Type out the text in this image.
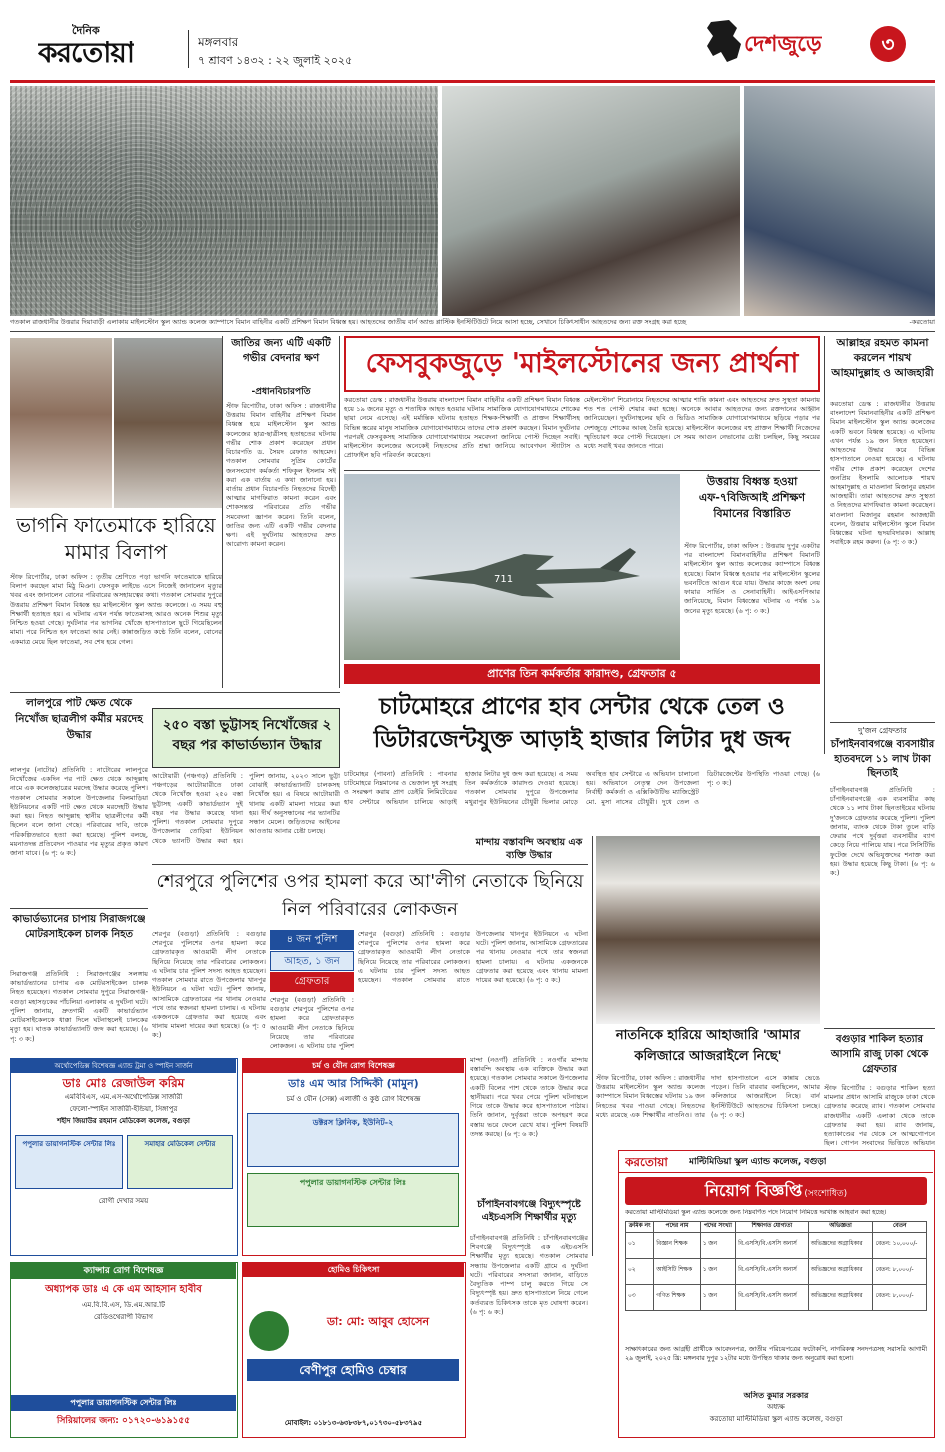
দৈনিক
করতোয়া	মঙ্গলবার
৭ শ্রাবণ ১৪৩২ : ২২ জুলাই ২০২৫
দেশজুড়ে	৩
গতকাল রাজধানীর উত্তরার দিয়াবাড়ী এলাকায় মাইলস্টোন স্কুল অ্যান্ড কলেজ ক্যাম্পাসে বিমান বাহিনীর একটি প্রশিক্ষণ বিমান বিধ্বস্ত হয়। আহতদের জাতীয় বার্ন অ্যান্ড প্লাস্টিক ইনস্টিটিউটে নিয়ে আসা হচ্ছে, সেখানে চিকিৎসাধীন আহতদের জন্য রক্ত সংগ্রহ করা হচ্ছে	-করতোয়া
ভাগনি ফাতেমাকে হারিয়ে মামার বিলাপ
স্টাফ রিপোর্টার, ঢাকা অফিস : তৃতীয় শ্রেণিতে পড়া ভাগনি ফাতেমাকে হারিয়ে বিলাপ করছেন মামা মিঠু মিঞা। ফেসবুক লাইভে এসে নিজেই জানালেন মৃত্যুর খবর এবং জানালেন বোনের পরিবারের অসহায়ত্বের কথা। গতকাল সোমবার দুপুরে উত্তরায় প্রশিক্ষণ বিমান বিধ্বস্ত হয় মাইলস্টোন স্কুল অ্যান্ড কলেজে। এ সময় বহু শিক্ষার্থী হতাহত হয়। এ ঘটনায় এখন পর্যন্ত ফাতেমাসহ আরও অনেক শিশুর মৃত্যু নিশ্চিত হওয়া গেছে। দুর্ঘটনার পর ভাগনির খোঁজে হাসপাতালে ছুটে গিয়েছিলেন মামা। পরে নিশ্চিত হন ফাতেমা আর নেই। কান্নাজড়িত কণ্ঠে তিনি বলেন, বোনের একমাত্র মেয়ে ছিল ফাতেমা, সব শেষ হয়ে গেল।
জাতির জন্য এটি একটি গভীর বেদনার ক্ষণ
-প্রধানবিচারপতি
স্টাফ রিপোর্টার, ঢাকা অফিস : রাজধানীর উত্তরায় বিমান বাহিনীর প্রশিক্ষণ বিমান বিধ্বস্ত হয়ে মাইলস্টোন স্কুল অ্যান্ড কলেজের ছাত্র-ছাত্রীসহ হতাহতের ঘটনায় গভীর শোক প্রকাশ করেছেন প্রধান বিচারপতি ড. সৈয়দ রেফাত আহমেদ। গতকাল সোমবার সুপ্রিম কোর্টের জনসংযোগ কর্মকর্তা শফিকুল ইসলাম সই করা এক বার্তায় এ কথা জানানো হয়। বার্তায় প্রধান বিচারপতি নিহতদের বিদেহী আত্মার মাগফিরাত কামনা করেন এবং শোকসন্তপ্ত পরিবারের প্রতি গভীর সমবেদনা জ্ঞাপন করেন। তিনি বলেন, জাতির জন্য এটি একটি গভীর বেদনার ক্ষণ। এই দুর্ঘটনায় আহতদের দ্রুত আরোগ্য কামনা করেন।
ফেসবুকজুড়ে 'মাইলস্টোনের জন্য প্রার্থনা
করতোয়া ডেস্ক : রাজধানীর উত্তরায় বাংলাদেশ বিমান বাহিনীর একটি প্রশিক্ষণ বিমান বিধ্বস্ত হয়ে ১৯ জনের মৃত্যু ও শতাধিক আহত হওয়ার ঘটনায় সামাজিক যোগাযোগমাধ্যমে শোকের ছায়া নেমে এসেছে। এই মর্মান্তিক ঘটনায় হতাহত শিক্ষক-শিক্ষার্থী ও প্রাক্তন শিক্ষার্থীসহ বিভিন্ন স্তরের মানুষ সামাজিক যোগাযোগমাধ্যমে তাদের শোক প্রকাশ করছেন। বিমান দুর্ঘটনার পরপরই ফেসবুকসহ সামাজিক যোগাযোগমাধ্যমে সমবেদনা জানিয়ে পোস্ট দিচ্ছেন সবাই। মাইলস্টোন কলেজের অনেকেই নিহতদের প্রতি শ্রদ্ধা জানিয়ে আবেগঘন স্ট্যাটাস ও প্রোফাইল ছবি পরিবর্তন করেছেন।
মেইলস্টোন' শিরোনামে নিহতদের আত্মার শান্তি কামনা এবং আহতদের দ্রুত সুস্থতা কামনায় শত শত পোস্ট শেয়ার করা হচ্ছে। অনেকে আবার আহতদের জন্য রক্তদানের আহ্বান জানিয়েছেন। দুর্ঘটনাস্থলের ছবি ও ভিডিও সামাজিক যোগাযোগমাধ্যমে ছড়িয়ে পড়ার পর দেশজুড়ে শোকের আবহ তৈরি হয়েছে। মাইলস্টোন কলেজের বহু প্রাক্তন শিক্ষার্থী নিজেদের স্মৃতিচারণ করে পোস্ট দিয়েছেন। সে সময় আগুন নেভানোর চেষ্টা চলছিল, কিছু সময়ের মধ্যে সবাই খবর জানতে পারে।
উত্তরায় বিধ্বস্ত হওয়া এফ-৭বিজিআই প্রশিক্ষণ বিমানের বিস্তারিত
স্টাফ রিপোর্টার, ঢাকা অফিস : উত্তরায় দুপুর একটার পর বাংলাদেশ বিমানবাহিনীর প্রশিক্ষণ বিমানটি মাইলস্টোন স্কুল অ্যান্ড কলেজের ক্যাম্পাসে বিধ্বস্ত হয়েছে। বিমান বিধ্বস্ত হওয়ার পর মাইলস্টোন স্কুলের ভবনটিতে আগুন ধরে যায়। উদ্ধার কাজে অংশ নেয় ফায়ার সার্ভিস ও সেনাবাহিনী। আইএসপিআর জানিয়েছে, বিমান বিধ্বস্তের ঘটনায় এ পর্যন্ত ১৯ জনের মৃত্যু হয়েছে। (৬ পৃ: ৩ ক:)
711
প্রাণের তিন কর্মকর্তার কারাদণ্ড, গ্রেফতার ৫
আল্লাহর রহমত কামনা করলেন শায়খ আহমাদুল্লাহ ও আজহারী
করতোয়া ডেস্ক : রাজধানীর উত্তরায় বাংলাদেশ বিমানবাহিনীর একটি প্রশিক্ষণ বিমান মাইলস্টোন স্কুল অ্যান্ড কলেজের একটি ভবনে বিধ্বস্ত হয়েছে। এ ঘটনায় এখন পর্যন্ত ১৯ জন নিহত হয়েছেন। আহতদের উদ্ধার করে বিভিন্ন হাসপাতালে নেওয়া হয়েছে। এ ঘটনায় গভীর শোক প্রকাশ করেছেন দেশের জনপ্রিয় ইসলামি আলোচক শায়খ আহমাদুল্লাহ ও মাওলানা মিজানুর রহমান আজহারী। তারা আহতদের দ্রুত সুস্থতা ও নিহতদের মাগফিরাত কামনা করেছেন। মাওলানা মিজানুর রহমান আজহারী বলেন, উত্তরায় মাইলস্টোন স্কুলে বিমান বিধ্বস্তের ঘটনা হৃদয়বিদারক। আল্লাহ সবাইকে রহম করুন। (৬ পৃ: ৩ ক:)
চাটমোহরে প্রাণের হাব সেন্টার থেকে তেল ও ডিটারজেন্টযুক্ত আড়াই হাজার লিটার দুধ জব্দ
চাটমোহর (পাবনা) প্রতিনিধি : পাবনার চাটমোহরে নিম্নমানের ও ভেজাল দুধ সংগ্রহ ও সংরক্ষণ করায় প্রাণ ডেইরি লিমিটেডের হাব সেন্টারে অভিযান চালিয়ে আড়াই হাজার লিটার দুধ জব্দ করা হয়েছে। এ সময় তিন কর্মকর্তাকে কারাদণ্ড দেওয়া হয়েছে। গতকাল সোমবার দুপুরে উপজেলার মথুরাপুর ইউনিয়নের চৌধুরী ভিলার মোড়ে অবস্থিত হাব সেন্টারে এ অভিযান চালানো হয়। অভিযানে নেতৃত্ব দেন উপজেলা নির্বাহী কর্মকর্তা ও এক্সিকিউটিভ ম্যাজিস্ট্রেট মো. মুসা নাসের চৌধুরী। দুধে তেল ও ডিটারজেন্টের উপস্থিতি পাওয়া গেছে। (৬ পৃ: ৩ ক:)
লালপুরে পাট ক্ষেত থেকে নিখোঁজ ছাত্রলীগ কর্মীর মরদেহ উদ্ধার
লালপুর (নাটোর) প্রতিনিধি : নাটোরের লালপুরে নিখোঁজের একদিন পর পাট ক্ষেত থেকে আব্দুল্লাহ নামে এক কলেজছাত্রের মরদেহ উদ্ধার করেছে পুলিশ। গতকাল সোমবার সকালে উপজেলার বিলমাড়িয়া ইউনিয়নের একটি পাট ক্ষেত থেকে মরদেহটি উদ্ধার করা হয়। নিহত আব্দুল্লাহ স্থানীয় ছাত্রলীগের কর্মী ছিলেন বলে জানা গেছে। পরিবারের দাবি, তাকে পরিকল্পিতভাবে হত্যা করা হয়েছে। পুলিশ বলছে, ময়নাতদন্ত প্রতিবেদন পাওয়ার পর মৃত্যুর প্রকৃত কারণ জানা যাবে। (৬ পৃ: ৬ ক:)
২৫০ বস্তা ভুট্টাসহ নিখোঁজের ২ বছর পর কাভার্ডভ্যান উদ্ধার
আটোয়ারী (পঞ্চগড়) প্রতিনিধি : পঞ্চগড়ের আটোয়ারীতে ঢাকা থেকে নিখোঁজ হওয়া ২৫০ বস্তা ভুট্টাসহ একটি কাভার্ডভ্যান দুই বছর পর উদ্ধার করেছে থানা পুলিশ। গতকাল সোমবার দুপুরে উপজেলার তোড়িয়া ইউনিয়ন থেকে ভ্যানটি উদ্ধার করা হয়। পুলিশ জানায়, ২০২৩ সালে ভুট্টা বোঝাই কাভার্ডভ্যানটি চালকসহ নিখোঁজ হয়। এ বিষয়ে আটোয়ারী থানায় একটি মামলা দায়ের করা হয়। দীর্ঘ অনুসন্ধানের পর ভ্যানটির সন্ধান মেলে। জড়িতদের আইনের আওতায় আনার চেষ্টা চলছে।
শেরপুরে পুলিশের ওপর হামলা করে আ'লীগ নেতাকে ছিনিয়ে নিল পরিবারের লোকজন
শেরপুর (বগুড়া) প্রতিনিধি : বগুড়ার শেরপুরে পুলিশের ওপর হামলা করে গ্রেফতারকৃত আওয়ামী লীগ নেতাকে ছিনিয়ে নিয়েছে তার পরিবারের লোকজন। এ ঘটনায় চার পুলিশ সদস্য আহত হয়েছেন। গতকাল সোমবার রাতে উপজেলার খানপুর ইউনিয়নে এ ঘটনা ঘটে। পুলিশ জানায়, আসামিকে গ্রেফতারের পর থানায় নেওয়ার পথে তার স্বজনরা হামলা চালায়। এ ঘটনায় একজনকে গ্রেফতার করা হয়েছে এবং থানায় মামলা দায়ের করা হয়েছে। (৬ পৃ: ৫ ক:)
৪ জন পুলিশ
আহত, ১ জন
গ্রেফতার
শেরপুর (বগুড়া) প্রতিনিধি : বগুড়ার শেরপুরে পুলিশের ওপর হামলা করে গ্রেফতারকৃত আওয়ামী লীগ নেতাকে ছিনিয়ে নিয়েছে তার পরিবারের লোকজন। এ ঘটনায় চার পুলিশ
শেরপুর (বগুড়া) প্রতিনিধি : বগুড়ার শেরপুরে পুলিশের ওপর হামলা করে গ্রেফতারকৃত আওয়ামী লীগ নেতাকে ছিনিয়ে নিয়েছে তার পরিবারের লোকজন। এ ঘটনায় চার পুলিশ সদস্য আহত হয়েছেন। গতকাল সোমবার রাতে উপজেলার খানপুর ইউনিয়নে এ ঘটনা ঘটে। পুলিশ জানায়, আসামিকে গ্রেফতারের পর থানায় নেওয়ার পথে তার স্বজনরা হামলা চালায়। এ ঘটনায় একজনকে গ্রেফতার করা হয়েছে এবং থানায় মামলা দায়ের করা হয়েছে। (৬ পৃ: ৫ ক:)
কাভার্ডভ্যানের চাপায় সিরাজগঞ্জে মোটরসাইকেল চালক নিহত
সিরাজগঞ্জ প্রতিনিধি : সিরাজগঞ্জের সলঙ্গায় কাভার্ডভ্যানের চাপায় এক মোটরসাইকেল চালক নিহত হয়েছেন। গতকাল সোমবার দুপুরে সিরাজগঞ্জ-বগুড়া মহাসড়কের পাঁচলিয়া এলাকায় এ দুর্ঘটনা ঘটে। পুলিশ জানায়, দ্রুতগামী একটি কাভার্ডভ্যান মোটরসাইকেলকে ধাক্কা দিলে ঘটনাস্থলেই চালকের মৃত্যু হয়। ঘাতক কাভার্ডভ্যানটি জব্দ করা হয়েছে। (৬ পৃ: ৩ ক:)
মান্দায় বস্তাবন্দি অবস্থায় এক ব্যক্তি উদ্ধার
মান্দা (নওগাঁ) প্রতিনিধি : নওগাঁর মান্দায় বস্তাবন্দি অবস্থায় এক ব্যক্তিকে উদ্ধার করা হয়েছে। গতকাল সোমবার সকালে উপজেলার একটি বিলের পাশ থেকে তাকে উদ্ধার করে স্থানীয়রা। পরে খবর পেয়ে পুলিশ ঘটনাস্থলে গিয়ে তাকে উদ্ধার করে হাসপাতালে পাঠায়। তিনি জানান, দুর্বৃত্তরা তাকে অপহরণ করে বস্তায় ভরে ফেলে রেখে যায়। পুলিশ বিষয়টি তদন্ত করছে। (৬ পৃ: ৬ ক:)
নাতনিকে হারিয়ে আহাজারি 'আমার কলিজারে আজরাইলে নিছে'
স্টাফ রিপোর্টার, ঢাকা অফিস : রাজধানীর উত্তরায় মাইলস্টোন স্কুল অ্যান্ড কলেজ ক্যাম্পাসে বিমান বিধ্বস্তের ঘটনায় ১৯ জন নিহতের খবর পাওয়া গেছে। নিহতদের মধ্যে রয়েছে এক শিক্ষার্থীর নাতনিও। তার দাদা হাসপাতালে এসে কান্নায় ভেঙে পড়েন। তিনি বারবার বলছিলেন, আমার কলিজারে আজরাইলে নিছে। বার্ন ইনস্টিটিউটে আহতদের চিকিৎসা চলছে। (৬ পৃ: ৩ ক:)
চাঁপাইনবাবগঞ্জে বিদ্যুৎস্পৃষ্টে এইচএসসি শিক্ষার্থীর মৃত্যু
চাঁপাইনবাবগঞ্জ প্রতিনিধি : চাঁপাইনবাবগঞ্জের শিবগঞ্জে বিদ্যুৎস্পৃষ্টে এক এইচএসসি শিক্ষার্থীর মৃত্যু হয়েছে। গতকাল সোমবার সন্ধ্যায় উপজেলার একটি গ্রামে এ দুর্ঘটনা ঘটে। পরিবারের সদস্যরা জানান, বাড়িতে বৈদ্যুতিক পাম্প চালু করতে গিয়ে সে বিদ্যুৎস্পৃষ্ট হয়। দ্রুত হাসপাতালে নিয়ে গেলে কর্তব্যরত চিকিৎসক তাকে মৃত ঘোষণা করেন। (৬ পৃ: ৬ ক:)
দু'জন গ্রেফতার
চাঁপাইনবাবগঞ্জে ব্যবসায়ীর হাতবদলে ১১ লাখ টাকা ছিনতাই
চাঁপাইনবাবগঞ্জ প্রতিনিধি : চাঁপাইনবাবগঞ্জে এক ব্যবসায়ীর কাছ থেকে ১১ লাখ টাকা ছিনতাইয়ের ঘটনায় দু'জনকে গ্রেফতার করেছে পুলিশ। পুলিশ জানায়, ব্যাংক থেকে টাকা তুলে বাড়ি ফেরার পথে দুর্বৃত্তরা ব্যবসায়ীর ব্যাগ কেড়ে নিয়ে পালিয়ে যায়। পরে সিসিটিভি ফুটেজ দেখে অভিযুক্তদের শনাক্ত করা হয়। উদ্ধার হয়েছে কিছু টাকা। (৬ পৃ: ৬ ক:)
বগুড়ার শাকিল হত্যার আসামি রাজু ঢাকা থেকে গ্রেফতার
স্টাফ রিপোর্টার : বগুড়ার শাকিল হত্যা মামলার প্রধান আসামি রাজুকে ঢাকা থেকে গ্রেফতার করেছে র‍্যাব। গতকাল সোমবার রাজধানীর একটি এলাকা থেকে তাকে গ্রেফতার করা হয়। র‍্যাব জানায়, হত্যাকাণ্ডের পর থেকে সে আত্মগোপনে ছিল। গোপন সংবাদের ভিত্তিতে অভিযান
অর্থোপেডিক্স বিশেষজ্ঞ এ্যান্ড ট্রমা ও স্পাইন সার্জন
ডাঃ মোঃ রেজাউল করিম
এমবিবিএস, এম.এস-অর্থোপেডিক্স সার্জারী
ফেলো-স্পাইন সার্জারী-ইন্ডিয়া, সিঙ্গাপুর
শহীদ জিয়াউর রহমান মেডিকেল কলেজ, বগুড়া
পপুলার ডায়াগনস্টিক সেন্টার লিঃ	সমাহার মেডিকেল সেন্টার
রোগী দেখার সময়
চর্ম ও যৌন রোগ বিশেষজ্ঞ
ডাঃ এম আর সিদ্দিকী (মামুন)
চর্ম ও যৌন (সেক্স) এলার্জী ও কুষ্ঠ রোগ বিশেষজ্ঞ
ডক্টরস ক্লিনিক, ইউনিট-২
পপুলার ডায়াগনস্টিক সেন্টার লিঃ
ক্যান্সার রোগ বিশেষজ্ঞ
অধ্যাপক ডাঃ এ কে এম আহসান হাবীব
এম.বি.বি.এস, ডি.এম.আর.টি
রেডিওথেরাপী বিভাগ
পপুলার ডায়াগনস্টিক সেন্টার লিঃ
সিরিয়ালের জন্য: ০১৭২০-৬১৯১৫৫
হোমিও চিকিৎসা
ডা: মো: আবুব হোসেন
বেণীপুর হোমিও চেম্বার
মোবাইল: ০১৮১৩-৬৩৮৩৮৭,০১৭৩০-৫৮৩৭৯৫
করতোয়া মাল্টিমিডিয়া স্কুল এ্যান্ড কলেজ, বগুড়া
নিয়োগ বিজ্ঞপ্তি (সংশোধিত)
করতোয়া মাল্টিমিডিয়া স্কুল এ্যান্ড কলেজে জন্য নিম্নবর্ণিত পদে নিয়োগ নিমিত্তে দরখাস্ত আহবান করা হচ্ছে।
ক্রমিক নং	পদের নাম	পদের সংখ্যা	শিক্ষাগত যোগ্যতা	অভিজ্ঞতা	বেতন
০১	বিজ্ঞান শিক্ষক	১ জন	বি.এসসি/বি.এসসি অনার্স	অভিজ্ঞদের অগ্রাধিকার	বেতন: ১০,০০০/-
০২	আইসিটি শিক্ষক	১ জন	বি.এসসি/বি.এসসি অনার্স	অভিজ্ঞদের অগ্রাধিকার	বেতন: ৮,০০০/-
০৩	গণিত শিক্ষক	১ জন	বি.এসসি/বি.এসসি অনার্স	অভিজ্ঞদের অগ্রাধিকার	বেতন: ৮,০০০/-
সাক্ষাৎকারের জন্য আগ্রহী প্রার্থীকে আবেদনপত্র, জাতীয় পরিচয়পত্রের ফটোকপি, নাগরিকত্ব সনদপত্রসহ সরাসরি আগামী ২৯ জুলাই, ২০২৫ খ্রি: মঙ্গলবার দুপুর ১২টার মধ্যে উপস্থিত থাকার জন্য অনুরোধ করা হলো।
অসিত কুমার সরকার
অধ্যক্ষ
করতোয়া মাল্টিমিডিয়া স্কুল এ্যান্ড কলেজ, বগুড়া
